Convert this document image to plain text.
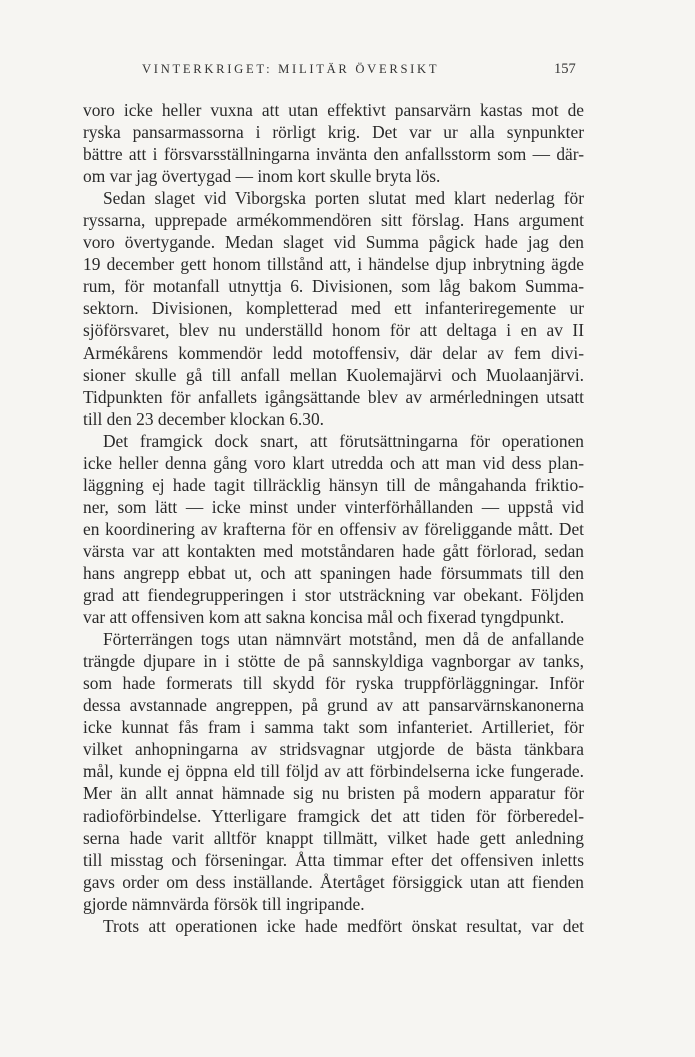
VINTERKRIGET: MILITÄR ÖVERSIKT	157
voro icke heller vuxna att utan effektivt pansarvärn kastas mot de
ryska pansarmassorna i rörligt krig. Det var ur alla synpunkter
bättre att i försvarsställningarna invänta den anfallsstorm som — där-
om var jag övertygad — inom kort skulle bryta lös.
Sedan slaget vid Viborgska porten slutat med klart nederlag för
ryssarna, upprepade armékommendören sitt förslag. Hans argument
voro övertygande. Medan slaget vid Summa pågick hade jag den
19 december gett honom tillstånd att, i händelse djup inbrytning ägde
rum, för motanfall utnyttja 6. Divisionen, som låg bakom Summa-
sektorn. Divisionen, kompletterad med ett infanteriregemente ur
sjöförsvaret, blev nu underställd honom för att deltaga i en av II
Armékårens kommendör ledd motoffensiv, där delar av fem divi-
sioner skulle gå till anfall mellan Kuolemajärvi och Muolaanjärvi.
Tidpunkten för anfallets igångsättande blev av armérledningen utsatt
till den 23 december klockan 6.30.
Det framgick dock snart, att förutsättningarna för operationen
icke heller denna gång voro klart utredda och att man vid dess plan-
läggning ej hade tagit tillräcklig hänsyn till de mångahanda friktio-
ner, som lätt — icke minst under vinterförhållanden — uppstå vid
en koordinering av krafterna för en offensiv av föreliggande mått. Det
värsta var att kontakten med motståndaren hade gått förlorad, sedan
hans angrepp ebbat ut, och att spaningen hade försummats till den
grad att fiendegrupperingen i stor utsträckning var obekant. Följden
var att offensiven kom att sakna koncisa mål och fixerad tyngdpunkt.
Förterrängen togs utan nämnvärt motstånd, men då de anfallande
trängde djupare in i stötte de på sannskyldiga vagnborgar av tanks,
som hade formerats till skydd för ryska truppförläggningar. Inför
dessa avstannade angreppen, på grund av att pansarvärnskanonerna
icke kunnat fås fram i samma takt som infanteriet. Artilleriet, för
vilket anhopningarna av stridsvagnar utgjorde de bästa tänkbara
mål, kunde ej öppna eld till följd av att förbindelserna icke fungerade.
Mer än allt annat hämnade sig nu bristen på modern apparatur för
radioförbindelse. Ytterligare framgick det att tiden för förberedel-
serna hade varit alltför knappt tillmätt, vilket hade gett anledning
till misstag och förseningar. Åtta timmar efter det offensiven inletts
gavs order om dess inställande. Återtåget försiggick utan att fienden
gjorde nämnvärda försök till ingripande.
Trots att operationen icke hade medfört önskat resultat, var det
